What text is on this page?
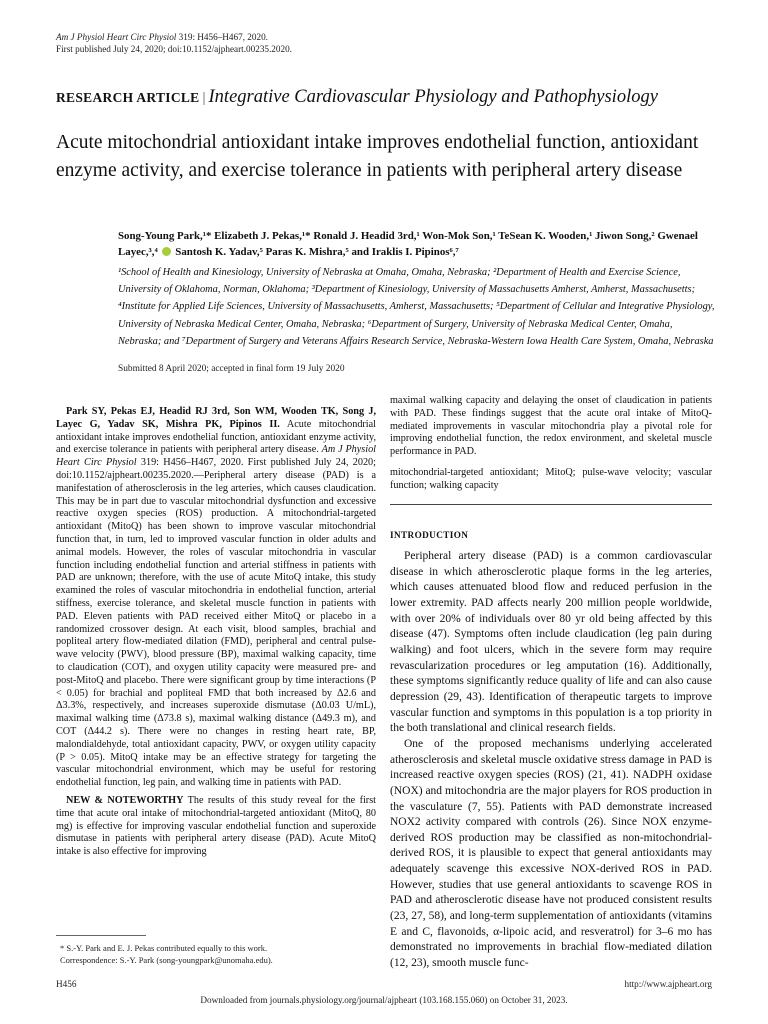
Am J Physiol Heart Circ Physiol 319: H456–H467, 2020.
First published July 24, 2020; doi:10.1152/ajpheart.00235.2020.
RESEARCH ARTICLE | Integrative Cardiovascular Physiology and Pathophysiology
Acute mitochondrial antioxidant intake improves endothelial function, antioxidant enzyme activity, and exercise tolerance in patients with peripheral artery disease
Song-Young Park,¹* Elizabeth J. Pekas,¹* Ronald J. Headid 3rd,¹ Won-Mok Son,¹ TeSean K. Wooden,¹ Jiwon Song,² Gwenael Layec,³,⁴ Santosh K. Yadav,⁵ Paras K. Mishra,⁵ and Iraklis I. Pipinos⁶,⁷
¹School of Health and Kinesiology, University of Nebraska at Omaha, Omaha, Nebraska; ²Department of Health and Exercise Science, University of Oklahoma, Norman, Oklahoma; ³Department of Kinesiology, University of Massachusetts Amherst, Amherst, Massachusetts; ⁴Institute for Applied Life Sciences, University of Massachusetts, Amherst, Massachusetts; ⁵Department of Cellular and Integrative Physiology, University of Nebraska Medical Center, Omaha, Nebraska; ⁶Department of Surgery, University of Nebraska Medical Center, Omaha, Nebraska; and ⁷Department of Surgery and Veterans Affairs Research Service, Nebraska-Western Iowa Health Care System, Omaha, Nebraska
Submitted 8 April 2020; accepted in final form 19 July 2020

Park SY, Pekas EJ, Headid RJ 3rd, Son WM, Wooden TK, Song J, Layec G, Yadav SK, Mishra PK, Pipinos II. Acute mitochondrial antioxidant intake improves endothelial function, antioxidant enzyme activity, and exercise tolerance in patients with peripheral artery disease. Am J Physiol Heart Circ Physiol 319: H456–H467, 2020. First published July 24, 2020; doi:10.1152/ajpheart.00235.2020.—Peripheral artery disease (PAD) is a manifestation of atherosclerosis in the leg arteries, which causes claudication. This may be in part due to vascular mitochondrial dysfunction and excessive reactive oxygen species (ROS) production. A mitochondrial-targeted antioxidant (MitoQ) has been shown to improve vascular mitochondrial function that, in turn, led to improved vascular function in older adults and animal models. However, the roles of vascular mitochondria in vascular function including endothelial function and arterial stiffness in patients with PAD are unknown; therefore, with the use of acute MitoQ intake, this study examined the roles of vascular mitochondria in endothelial function, arterial stiffness, exercise tolerance, and skeletal muscle function in patients with PAD. Eleven patients with PAD received either MitoQ or placebo in a randomized crossover design. At each visit, blood samples, brachial and popliteal artery flow-mediated dilation (FMD), peripheral and central pulse-wave velocity (PWV), blood pressure (BP), maximal walking capacity, time to claudication (COT), and oxygen utility capacity were measured pre- and post-MitoQ and placebo. There were significant group by time interactions (P < 0.05) for brachial and popliteal FMD that both increased by Δ2.6 and Δ3.3%, respectively, and increases superoxide dismutase (Δ0.03 U/mL), maximal walking time (Δ73.8 s), maximal walking distance (Δ49.3 m), and COT (Δ44.2 s). There were no changes in resting heart rate, BP, malondialdehyde, total antioxidant capacity, PWV, or oxygen utility capacity (P > 0.05). MitoQ intake may be an effective strategy for targeting the vascular mitochondrial environment, which may be useful for restoring endothelial function, leg pain, and walking time in patients with PAD.

NEW & NOTEWORTHY The results of this study reveal for the first time that acute oral intake of mitochondrial-targeted antioxidant (MitoQ, 80 mg) is effective for improving vascular endothelial function and superoxide dismutase in patients with peripheral artery disease (PAD). Acute MitoQ intake is also effective for improving
maximal walking capacity and delaying the onset of claudication in patients with PAD. These findings suggest that the acute oral intake of MitoQ-mediated improvements in vascular mitochondria play a pivotal role for improving endothelial function, the redox environment, and skeletal muscle performance in PAD.
mitochondrial-targeted antioxidant; MitoQ; pulse-wave velocity; vascular function; walking capacity
INTRODUCTION

Peripheral artery disease (PAD) is a common cardiovascular disease in which atherosclerotic plaque forms in the leg arteries, which causes attenuated blood flow and reduced perfusion in the lower extremity. PAD affects nearly 200 million people worldwide, with over 20% of individuals over 80 yr old being affected by this disease (47). Symptoms often include claudication (leg pain during walking) and foot ulcers, which in the severe form may require revascularization procedures or leg amputation (16). Additionally, these symptoms significantly reduce quality of life and can also cause depression (29, 43). Identification of therapeutic targets to improve vascular function and symptoms in this population is a top priority in the both translational and clinical research fields.

One of the proposed mechanisms underlying accelerated atherosclerosis and skeletal muscle oxidative stress damage in PAD is increased reactive oxygen species (ROS) (21, 41). NADPH oxidase (NOX) and mitochondria are the major players for ROS production in the vasculature (7, 55). Patients with PAD demonstrate increased NOX2 activity compared with controls (26). Since NOX enzyme-derived ROS production may be classified as non-mitochondrial-derived ROS, it is plausible to expect that general antioxidants may adequately scavenge this excessive NOX-derived ROS in PAD. However, studies that use general antioxidants to scavenge ROS in PAD and atherosclerotic disease have not produced consistent results (23, 27, 58), and long-term supplementation of antioxidants (vitamins E and C, flavonoids, α-lipoic acid, and resveratrol) for 3–6 mo has demonstrated no improvements in brachial flow-mediated dilation (12, 23), smooth muscle func-

* S.-Y. Park and E. J. Pekas contributed equally to this work.
Correspondence: S.-Y. Park (song-youngpark@unomaha.edu).
H456	http://www.ajpheart.org
Downloaded from journals.physiology.org/journal/ajpheart (103.168.155.060) on October 31, 2023.
